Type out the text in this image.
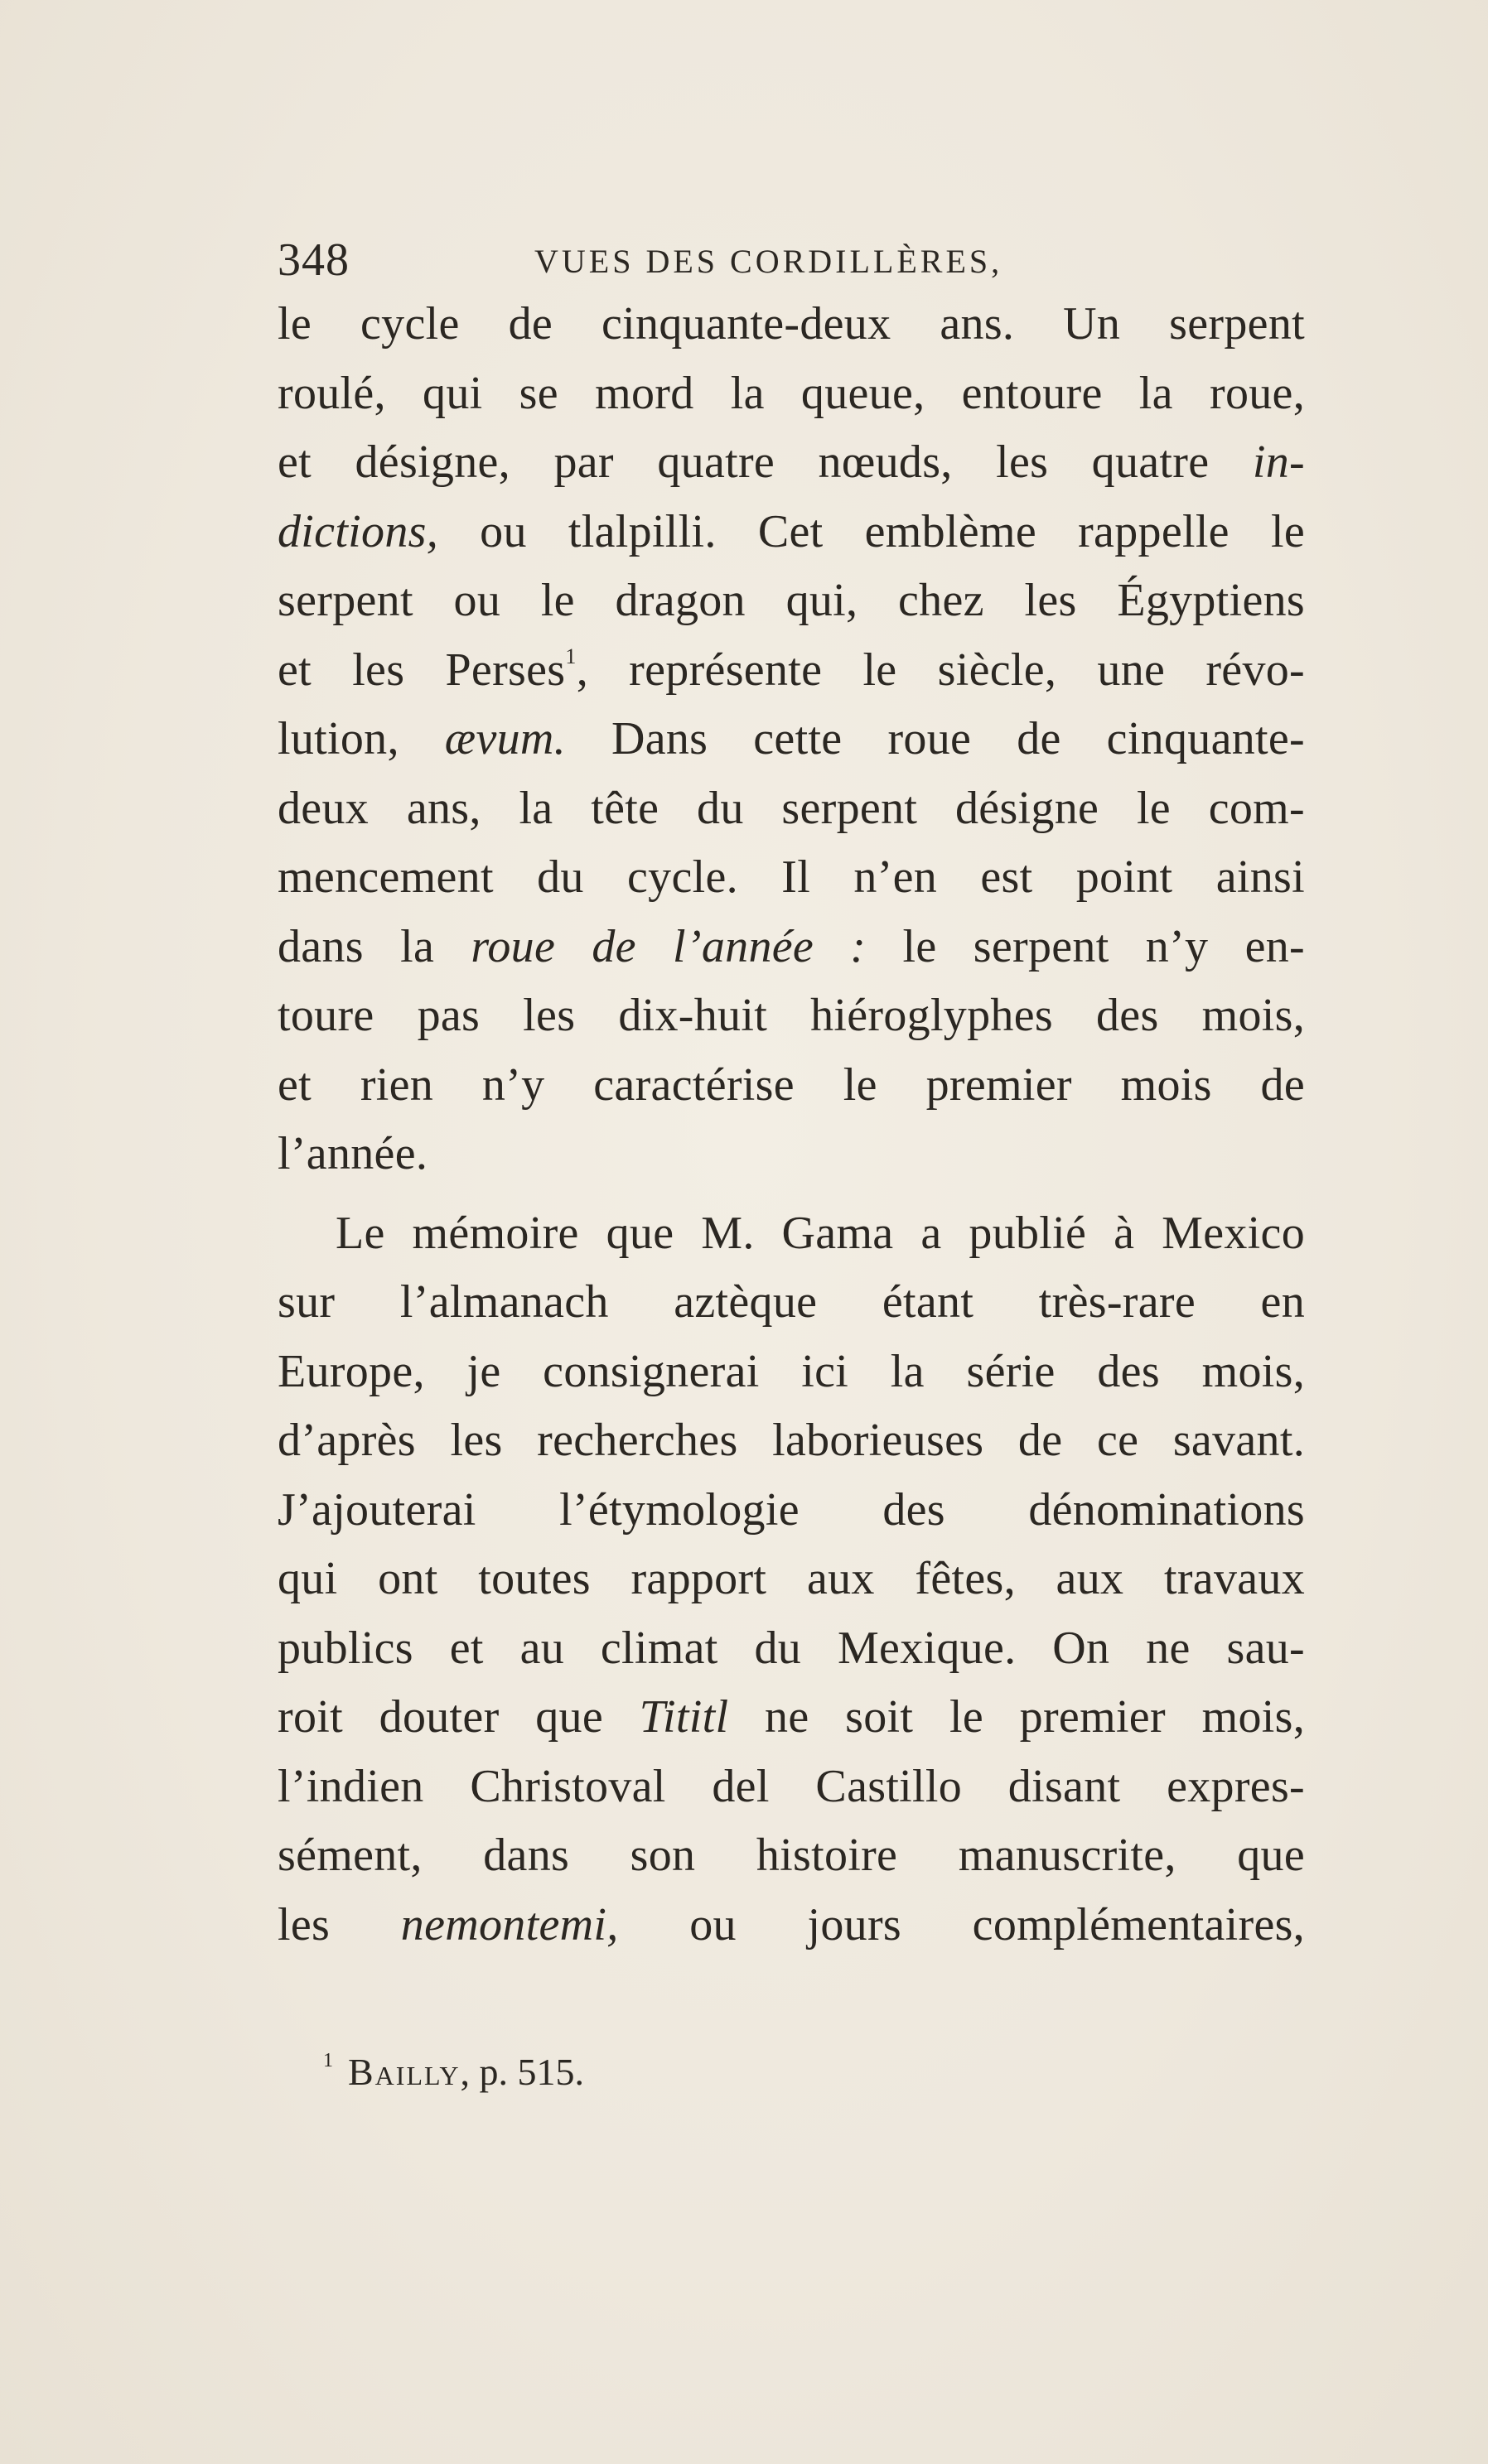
348	VUES DES CORDILLÈRES,
le cycle de cinquante-deux ans. Un serpent
roulé, qui se mord la queue, entoure la roue,
et désigne, par quatre nœuds, les quatre in-
dictions, ou tlalpilli. Cet emblème rappelle le
serpent ou le dragon qui, chez les Égyptiens
et les Perses$^1$, représente le siècle, une révo-
lution, ævum. Dans cette roue de cinquante-
deux ans, la tête du serpent désigne le com-
mencement du cycle. Il n’en est point ainsi
dans la roue de l’année : le serpent n’y en-
toure pas les dix-huit hiéroglyphes des mois,
et rien n’y caractérise le premier mois de
l’année.
Le mémoire que M. Gama a publié à Mexico
sur l’almanach aztèque étant très-rare en
Europe, je consignerai ici la série des mois,
d’après les recherches laborieuses de ce savant.
J’ajouterai l’étymologie des dénominations
qui ont toutes rapport aux fêtes, aux travaux
publics et au climat du Mexique. On ne sau-
roit douter que Tititl ne soit le premier mois,
l’indien Christoval del Castillo disant expres-
sément, dans son histoire manuscrite, que
les nemontemi, ou jours complémentaires,
$^1$ Bailly, p. 515.
